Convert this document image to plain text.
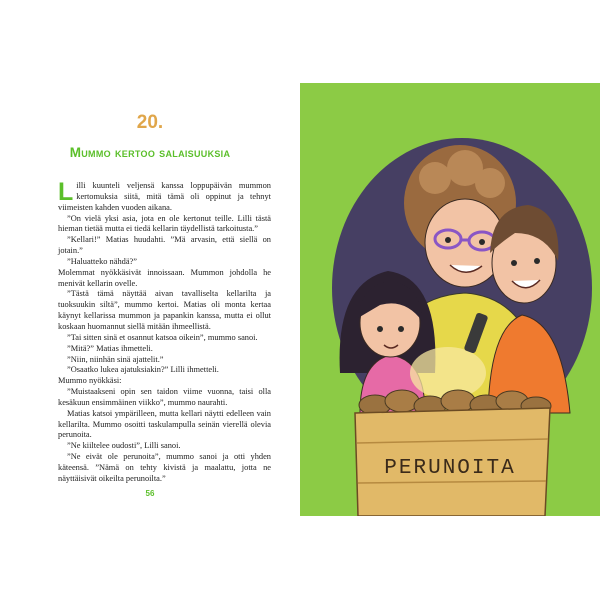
20.
Mummo kertoo salaisuuksia

Lilli kuunteli veljensä kanssa loppupäivän mummon kertomuksia siitä, mitä tämä oli oppinut ja tehnyt viimeisten kahden vuoden aikana.

”On vielä yksi asia, jota en ole kertonut teille. Lilli tästä hieman tietää mutta ei tiedä kellarin täydellistä tarkoitusta.”

”Kellari!” Matias huudahti. ”Mä arvasin, että siellä on jotain.”

”Haluatteko nähdä?”

Molemmat nyökkäsivät innoissaan. Mummon johdolla he menivät kellarin ovelle.

”Tästä tämä näyttää aivan tavalliselta kellarilta ja tuoksuukin siltä”, mummo kertoi. Matias oli monta kertaa käynyt kellarissa mummon ja papankin kanssa, mutta ei ollut koskaan huomannut siellä mitään ihmeellistä.

”Tai sitten sinä et osannut katsoa oikein”, mummo sanoi.

”Mitä?” Matias ihmetteli.

”Niin, niinhän sinä ajattelit.”

”Osaatko lukea ajatuksiakin?” Lilli ihmetteli.

Mummo nyökkäsi:

”Muistaakseni opin sen taidon viime vuonna, taisi olla kesäkuun ensimmäinen viikko”, mummo naurahti.

Matias katsoi ympärilleen, mutta kellari näytti edelleen vain kellarilta. Mummo osoitti taskulampulla seinän vierellä olevia perunoita.

”Ne kiiltelee oudosti”, Lilli sanoi.

”Ne eivät ole perunoita”, mummo sanoi ja otti yhden käteensä. ”Nämä on tehty kivistä ja maalattu, jotta ne näyttäisivät oikeilta perunoilta.”

56
PERUNOITA
